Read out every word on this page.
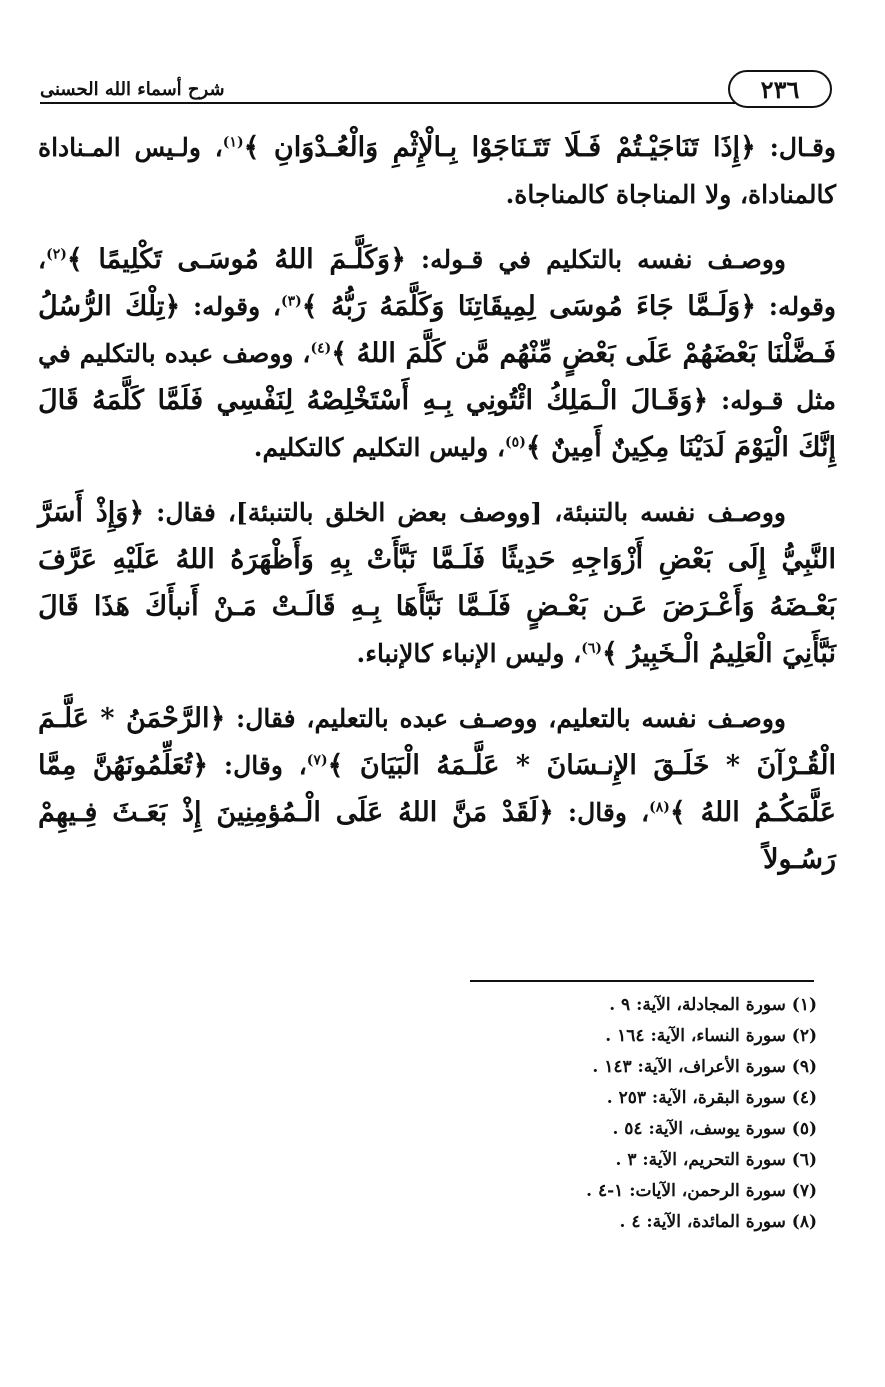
شرح أسماء الله الحسنى	٢٣٦

وقـال: ﴿إِذَا تَنَاجَيْـتُمْ فَـلَا تَتَـنَاجَوْا بِـالْإِثْمِ وَالْعُـدْوَانِ ﴾$^{(١)}$، ولـيس المـناداة كالمناداة، ولا المناجاة كالمناجاة.

ووصـف نفسه بالتكليم في قـوله: ﴿وَكَلَّـمَ اللهُ مُوسَـى تَكْلِيمًا ﴾$^{(٢)}$، وقوله: ﴿وَلَـمَّا جَاءَ مُوسَى لِمِيقَاتِنَا وَكَلَّمَهُ رَبُّهُ ﴾$^{(٣)}$، وقوله: ﴿تِلْكَ الرُّسُلُ فَـضَّلْنَا بَعْضَهُمْ عَلَى بَعْضٍ مِّنْهُم مَّن كَلَّمَ اللهُ ﴾$^{(٤)}$، ووصف عبده بالتكليم في مثل قـوله: ﴿وَقَـالَ الْـمَلِكُ ائْتُونِي بِـهِ أَسْتَخْلِصْهُ لِنَفْسِي فَلَمَّا كَلَّمَهُ قَالَ إِنَّكَ الْيَوْمَ لَدَيْنَا مِكِينٌ أَمِينٌ ﴾$^{(٥)}$، وليس التكليم كالتكليم.

ووصـف نفسه بالتنبئة، [ووصف بعض الخلق بالتنبئة]، فقال: ﴿وَإِذْ أَسَرَّ النَّبِيُّ إِلَى بَعْضِ أَزْوَاجِهِ حَدِيثًا فَلَـمَّا نَبَّأَتْ بِهِ وَأَظْهَرَهُ اللهُ عَلَيْهِ عَرَّفَ بَعْـضَهُ وَأَعْـرَضَ عَـن بَعْـضٍ فَلَـمَّا نَبَّأَهَا بِـهِ قَالَـتْ مَـنْ أَنبأَكَ هَذَا قَالَ نَبَّأَنِيَ الْعَلِيمُ الْـخَبِيرُ ﴾$^{(٦)}$، وليس الإنباء كالإنباء.

ووصـف نفسه بالتعليم، ووصـف عبده بالتعليم، فقال: ﴿الرَّحْمَنُ * عَلَّـمَ الْقُـرْآنَ * خَلَـقَ الإِنـسَانَ * عَلَّـمَهُ الْبَيَانَ ﴾$^{(٧)}$، وقال: ﴿تُعَلِّمُونَهُنَّ مِمَّا عَلَّمَكُـمُ اللهُ ﴾$^{(٨)}$، وقال: ﴿لَقَدْ مَنَّ اللهُ عَلَى الْـمُؤمِنِينَ إِذْ بَعَـثَ فِـيهِمْ رَسُـولاً

(١) سورة المجادلة، الآية: ٩ .
(٢) سورة النساء، الآية: ١٦٤ .
(٩) سورة الأعراف، الآية: ١٤٣ .
(٤) سورة البقرة، الآية: ٢٥٣ .
(٥) سورة يوسف، الآية: ٥٤ .
(٦) سورة التحريم، الآية: ٣ .
(٧) سورة الرحمن، الآيات: ١-٤ .
(٨) سورة المائدة، الآية: ٤ .
